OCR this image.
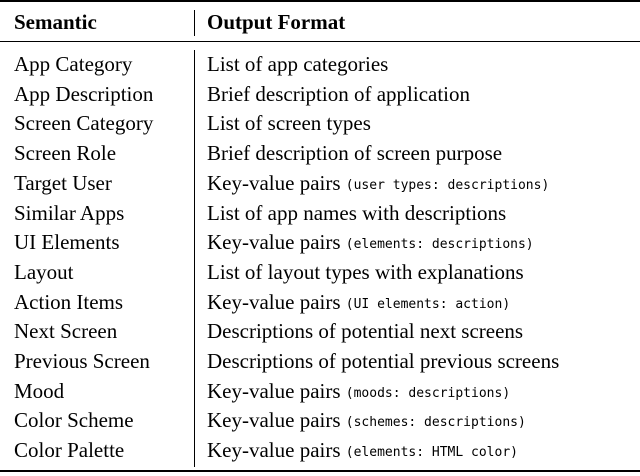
Semantic	Output Format
App Category	List of app categories
App Description	Brief description of application
Screen Category	List of screen types
Screen Role	Brief description of screen purpose
Target User	Key-value pairs (user types: descriptions)
Similar Apps	List of app names with descriptions
UI Elements	Key-value pairs (elements: descriptions)
Layout	List of layout types with explanations
Action Items	Key-value pairs (UI elements: action)
Next Screen	Descriptions of potential next screens
Previous Screen	Descriptions of potential previous screens
Mood	Key-value pairs (moods: descriptions)
Color Scheme	Key-value pairs (schemes: descriptions)
Color Palette	Key-value pairs (elements: HTML color)
